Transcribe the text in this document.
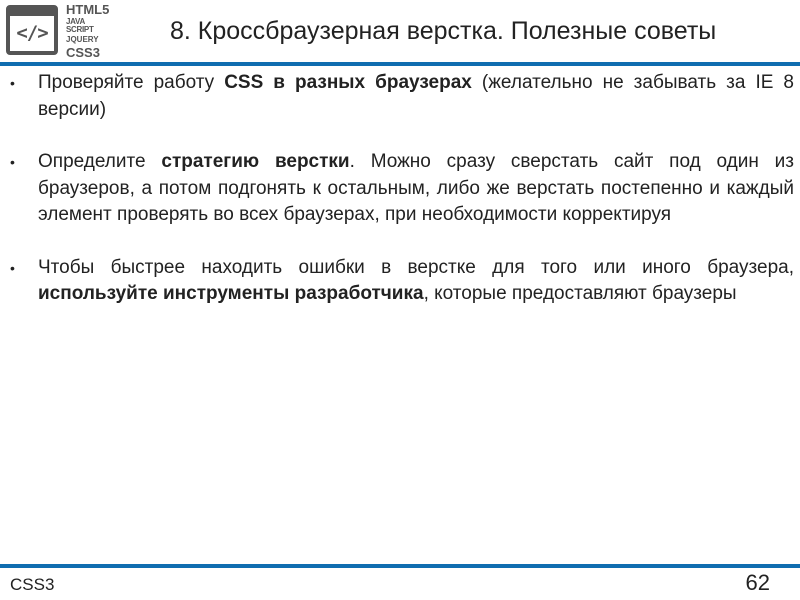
</>
HTML5
JAVA SCRIPT
JQUERY
CSS3
8. Кроссбраузерная верстка. Полезные советы
• Проверяйте работу CSS в разных браузерах (желательно не забывать за IE 8 версии)
• Определите стратегию верстки. Можно сразу сверстать сайт под один из браузеров, а потом подгонять к остальным, либо же верстать постепенно и каждый элемент проверять во всех браузерах, при необходимости корректируя
• Чтобы быстрее находить ошибки в верстке для того или иного браузера, используйте инструменты разработчика, которые предоставляют браузеры
CSS3	62
